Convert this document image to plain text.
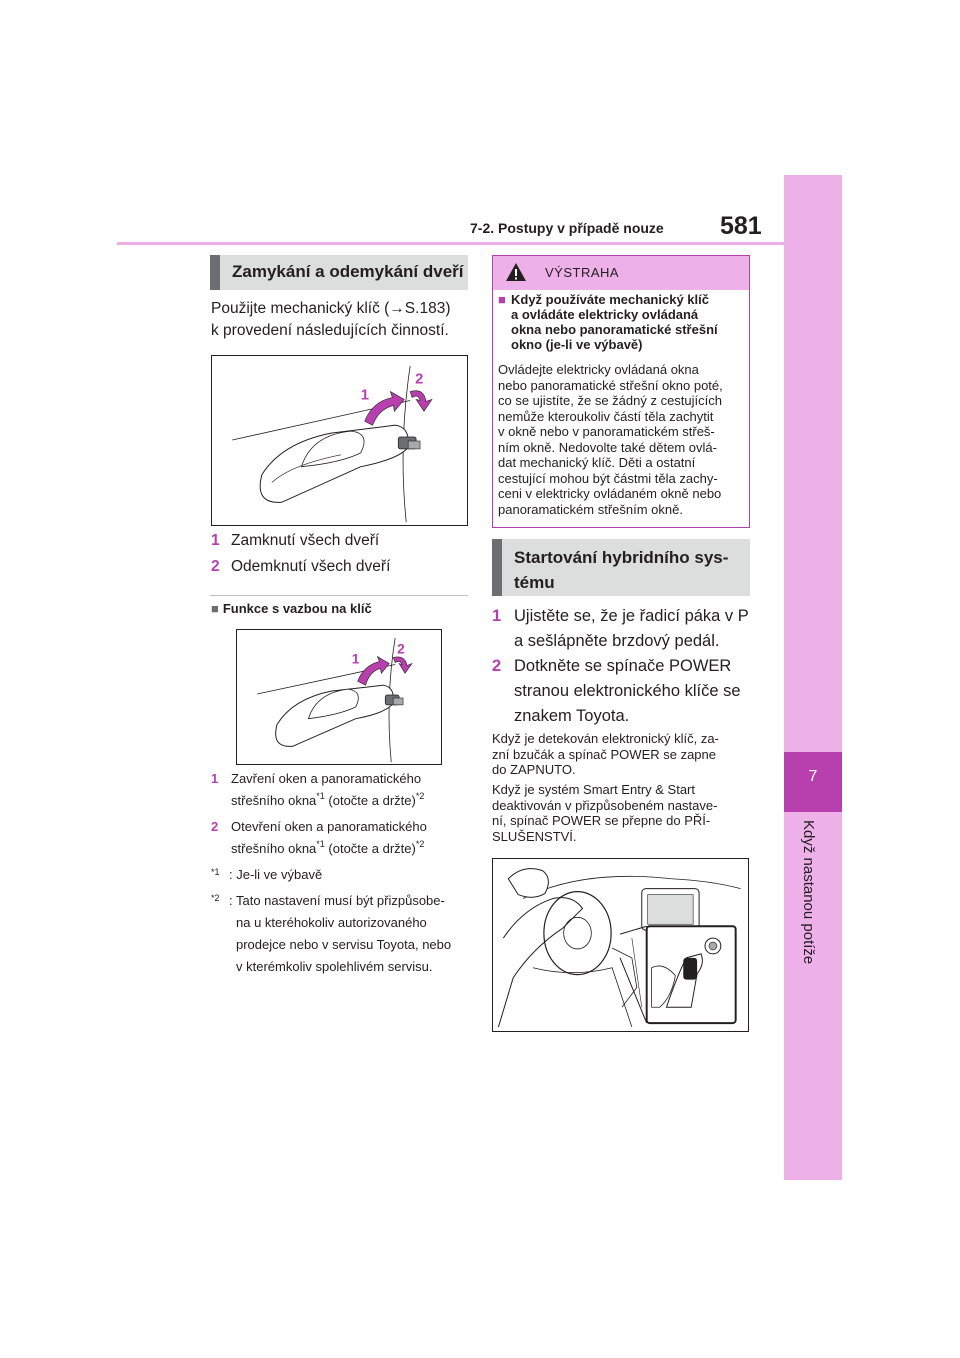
7
Když nastanou potíže
7-2. Postupy v případě nouze 581
Zamykání a odemykání dveří
Použijte mechanický klíč (→S.183)
k provedení následujících činností.
1
2
1 Zamknutí všech dveří
2 Odemknutí všech dveří
■ Funkce s vazbou na klíč
1
2
1 Zavření oken a panoramatického
střešního okna$^{*1}$ (otočte a držte)$^{*2}$
2 Otevření oken a panoramatického
střešního okna$^{*1}$ (otočte a držte)$^{*2}$
*1 : Je-li ve výbavě
*2 : Tato nastavení musí být přizpůsobe-
na u kteréhokoliv autorizovaného
prodejce nebo v servisu Toyota, nebo
v kterémkoliv spolehlivém servisu.
VÝSTRAHA
■ Když používáte mechanický klíč
a ovládáte elektricky ovládaná
okna nebo panoramatické střešní
okno (je-li ve výbavě)
Ovládejte elektricky ovládaná okna
nebo panoramatické střešní okno poté,
co se ujistíte, že se žádný z cestujících
nemůže kteroukoliv částí těla zachytit
v okně nebo v panoramatickém střeš-
ním okně. Nedovolte také dětem ovlá-
dat mechanický klíč. Děti a ostatní
cestující mohou být částmi těla zachy-
ceni v elektricky ovládaném okně nebo
panoramatickém střešním okně.
Startování hybridního sys-
tému
1 Ujistěte se, že je řadicí páka v P
a sešlápněte brzdový pedál.
2 Dotkněte se spínače POWER
stranou elektronického klíče se
znakem Toyota.
Když je detekován elektronický klíč, za-
zní bzučák a spínač POWER se zapne
do ZAPNUTO.
Když je systém Smart Entry & Start
deaktivován v přizpůsobeném nastave-
ní, spínač POWER se přepne do PŘÍ-
SLUŠENSTVÍ.
